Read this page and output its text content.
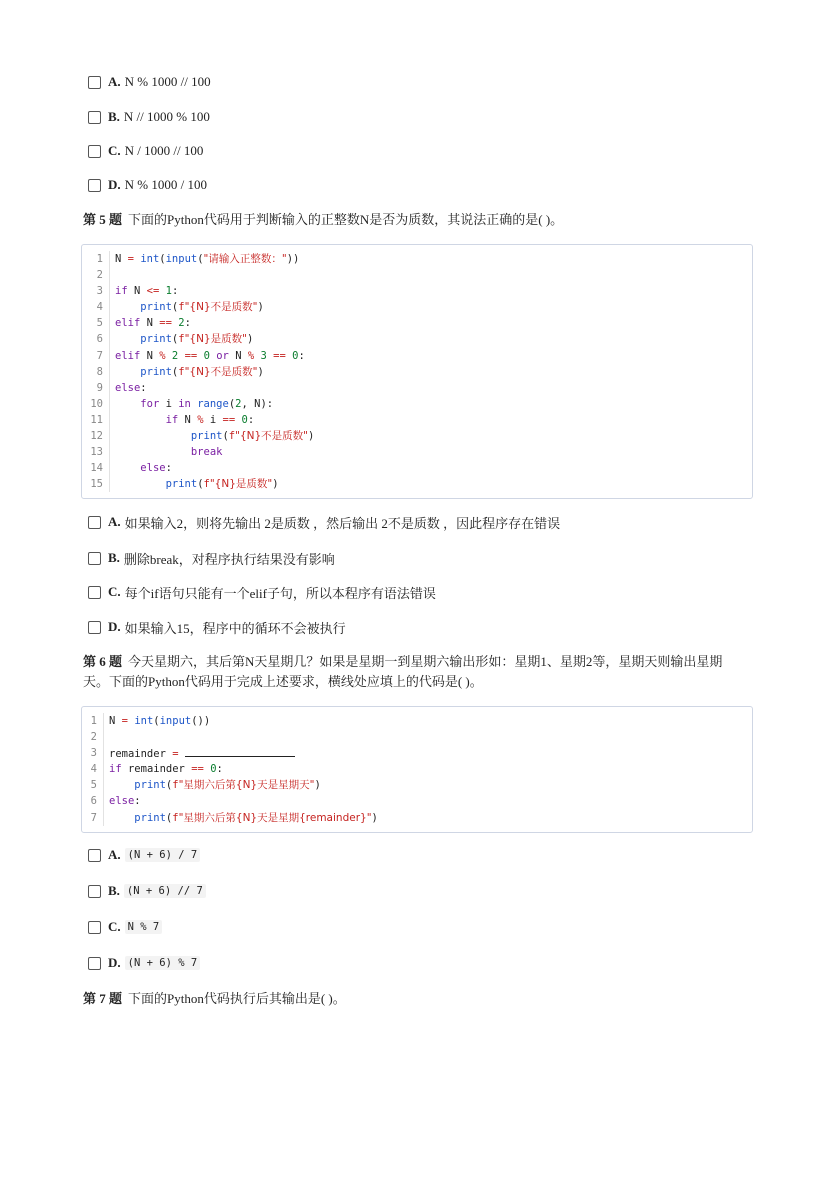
A. N % 1000 // 100
B. N // 1000 % 100
C. N / 1000 // 100
D. N % 1000 / 100
第 5 题 下面的Python代码用于判断输入的正整数N是否为质数，其说法正确的是( )。
1	N = int(input("请输入正整数："))
2
3	if N <= 1:
4	print(f"{N}不是质数")
5	elif N == 2:
6	print(f"{N}是质数")
7	elif N % 2 == 0 or N % 3 == 0:
8	print(f"{N}不是质数")
9	else:
10	for i in range(2, N):
11	if N % i == 0:
12	print(f"{N}不是质数")
13	break
14	else:
15	print(f"{N}是质数")
A. 如果输入2，则将先输出 2是质数 ，然后输出 2不是质数 ，因此程序存在错误
B. 删除break，对程序执行结果没有影响
C. 每个if语句只能有一个elif子句，所以本程序有语法错误
D. 如果输入15，程序中的循环不会被执行
第 6 题 今天星期六，其后第N天星期几？如果是星期一到星期六输出形如：星期1、星期2等，星期天则输出星期天。下面的Python代码用于完成上述要求，横线处应填上的代码是( )。
1	N = int(input())
2
3	remainder =
4	if remainder == 0:
5	print(f"星期六后第{N}天是星期天")
6	else:
7	print(f"星期六后第{N}天是星期{remainder}")
A. (N + 6) / 7
B. (N + 6) // 7
C. N % 7
D. (N + 6) % 7
第 7 题 下面的Python代码执行后其输出是( )。
